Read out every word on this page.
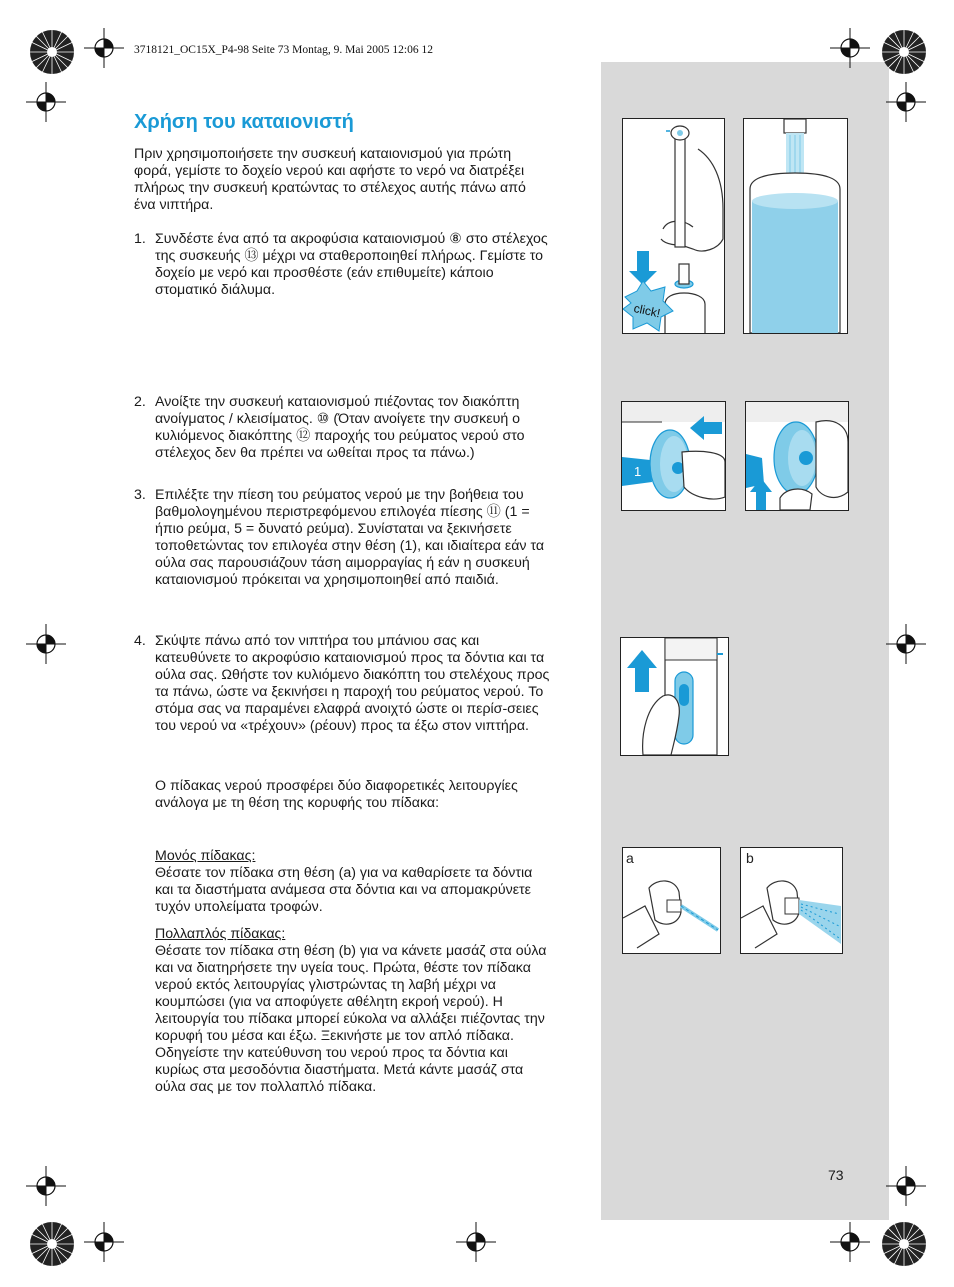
3718121_OC15X_P4-98 Seite 73 Montag, 9. Mai 2005 12:06 12
Χρήση του καταιονιστή
Πριν χρησιμοποιήσετε την συσκευή καταιονισμού για πρώτη φορά, γεμίστε το δοχείο νερού και αφήστε το νερό να διατρέξει πλήρως την συσκευή κρατώντας το στέλεχος αυτής πάνω από ένα νιπτήρα.
1. Συνδέστε ένα από τα ακροφύσια καταιονισμού ⑧ στο στέλεχος της συσκευής ⑬ μέχρι να σταθεροποιηθεί πλήρως. Γεμίστε το δοχείο με νερό και προσθέστε (εάν επιθυμείτε) κάποιο στοματικό διάλυμα.
2. Ανοίξτε την συσκευή καταιονισμού πιέζοντας τον διακόπτη ανοίγματος / κλεισίματος. ⑩ (Όταν ανοίγετε την συσκευή ο κυλιόμενος διακόπτης ⑫ παροχής του ρεύματος νερού στο στέλεχος δεν θα πρέπει να ωθείται προς τα πάνω.)
3. Επιλέξτε την πίεση του ρεύματος νερού με την βοήθεια του βαθμολογημένου περιστρεφόμενου επιλογέα πίεσης ⑪ (1 = ήπιο ρεύμα, 5 = δυνατό ρεύμα). Συνίσταται να ξεκινήσετε τοποθετώντας τον επιλογέα στην θέση (1), και ιδιαίτερα εάν τα ούλα σας παρουσιάζουν τάση αιμορραγίας ή εάν η συσκευή καταιονισμού πρόκειται να χρησιμοποιηθεί από παιδιά.
4. Σκύψτε πάνω από τον νιπτήρα του μπάνιου σας και κατευθύνετε το ακροφύσιο καταιονισμού προς τα δόντια και τα ούλα σας. Ωθήστε τον κυλιόμενο διακόπτη του στελέχους προς τα πάνω, ώστε να ξεκινήσει η παροχή του ρεύματος νερού. Το στόμα σας να παραμένει ελαφρά ανοιχτό ώστε οι περίσ-σειες του νερού να «τρέχουν» (ρέουν) προς τα έξω στον νιπτήρα.
Ο πίδακας νερού προσφέρει δύο διαφορετικές λειτουργίες ανάλογα με τη θέση της κορυφής του πίδακα:
Μονός πίδακας:
Θέσατε τον πίδακα στη θέση (a) για να καθαρίσετε τα δόντια και τα διαστήματα ανάμεσα στα δόντια και να απομακρύνετε τυχόν υπολείματα τροφών.
Πολλαπλός πίδακας:
Θέσατε τον πίδακα στη θέση (b) για να κάνετε μασάζ στα ούλα και να διατηρήσετε την υγεία τους. Πρώτα, θέστε τον πίδακα νερού εκτός λειτουργίας γλιστρώντας τη λαβή μέχρι να κουμπώσει (για να αποφύγετε αθέλητη εκροή νερού). Η λειτουργία του πίδακα μπορεί εύκολα να αλλάξει πιέζοντας την κορυφή του μέσα και έξω. Ξεκινήστε με τον απλό πίδακα. Οδηγείστε την κατεύθυνση του νερού προς τα δόντια και κυρίως στα μεσοδόντια διαστήματα. Μετά κάντε μασάζ στα ούλα σας με τον πολλαπλό πίδακα.
73
click!
1	2
a	b
